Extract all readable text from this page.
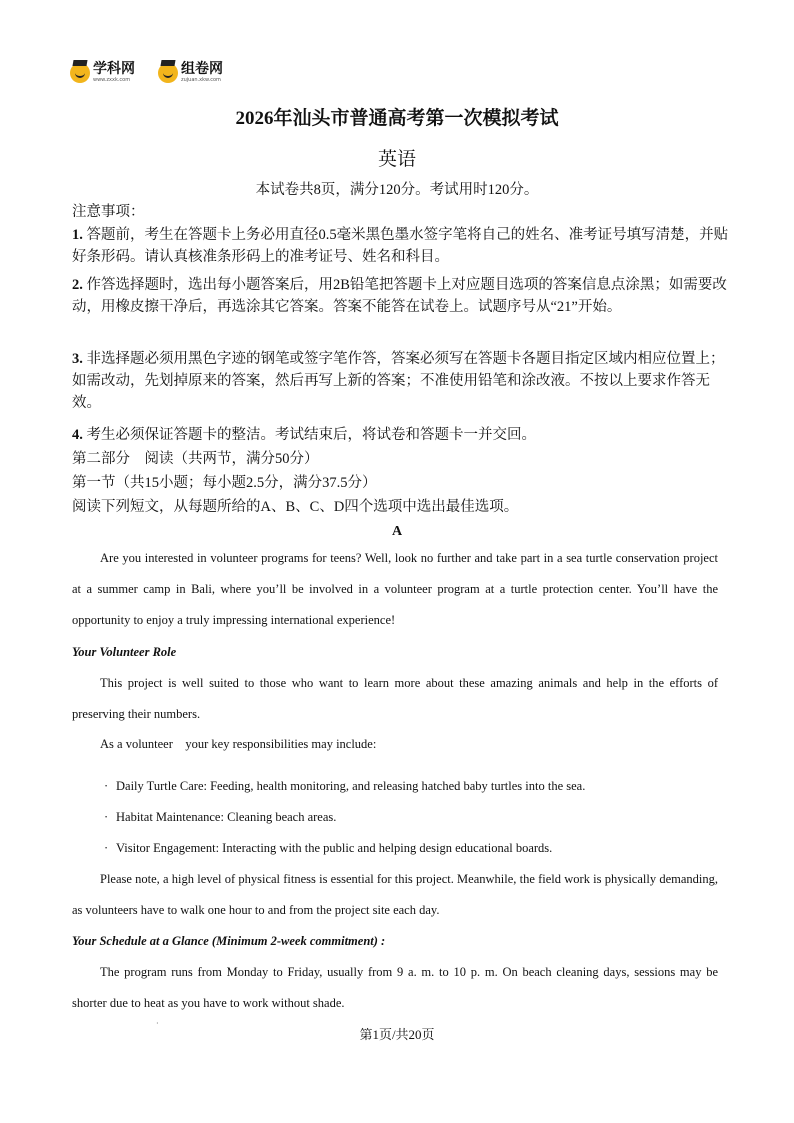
学科网
www.zxxk.com
组卷网
zujuan.xkw.com
2026年汕头市普通高考第一次模拟考试
英语
本试卷共8页，满分120分。考试用时120分。
注意事项：
1. 答题前，考生在答题卡上务必用直径0.5毫米黑色墨水签字笔将自己的姓名、准考证号填写清楚，并贴好条形码。请认真核准条形码上的准考证号、姓名和科目。
2. 作答选择题时，选出每小题答案后，用2B铅笔把答题卡上对应题目选项的答案信息点涂黑；如需要改动，用橡皮擦干净后，再选涂其它答案。答案不能答在试卷上。试题序号从“21”开始。
3. 非选择题必须用黑色字迹的钢笔或签字笔作答，答案必须写在答题卡各题目指定区域内相应位置上；如需改动，先划掉原来的答案，然后再写上新的答案；不准使用铅笔和涂改液。不按以上要求作答无效。
4. 考生必须保证答题卡的整洁。考试结束后，将试卷和答题卡一并交回。
第二部分　阅读（共两节，满分50分）
第一节（共15小题；每小题2.5分，满分37.5分）
阅读下列短文，从每题所给的A、B、C、D四个选项中选出最佳选项。
A
Are you interested in volunteer programs for teens? Well, look no further and take part in a sea turtle conservation project at a summer camp in Bali, where you’ll be involved in a volunteer program at a turtle protection center. You’ll have the opportunity to enjoy a truly impressing international experience!
Your Volunteer Role
This project is well suited to those who want to learn more about these amazing animals and help in the efforts of preserving their numbers.
As a volunteer　your key responsibilities may include:
· Daily Turtle Care: Feeding, health monitoring, and releasing hatched baby turtles into the sea.
· Habitat Maintenance: Cleaning beach areas.
· Visitor Engagement: Interacting with the public and helping design educational boards.
Please note, a high level of physical fitness is essential for this project. Meanwhile, the field work is physically demanding, as volunteers have to walk one hour to and from the project site each day.
Your Schedule at a Glance (Minimum 2-week commitment) :
The program runs from Monday to Friday, usually from 9 a. m. to 10 p. m. On beach cleaning days, sessions may be shorter due to heat as you have to work without shade.
·
第1页/共20页
